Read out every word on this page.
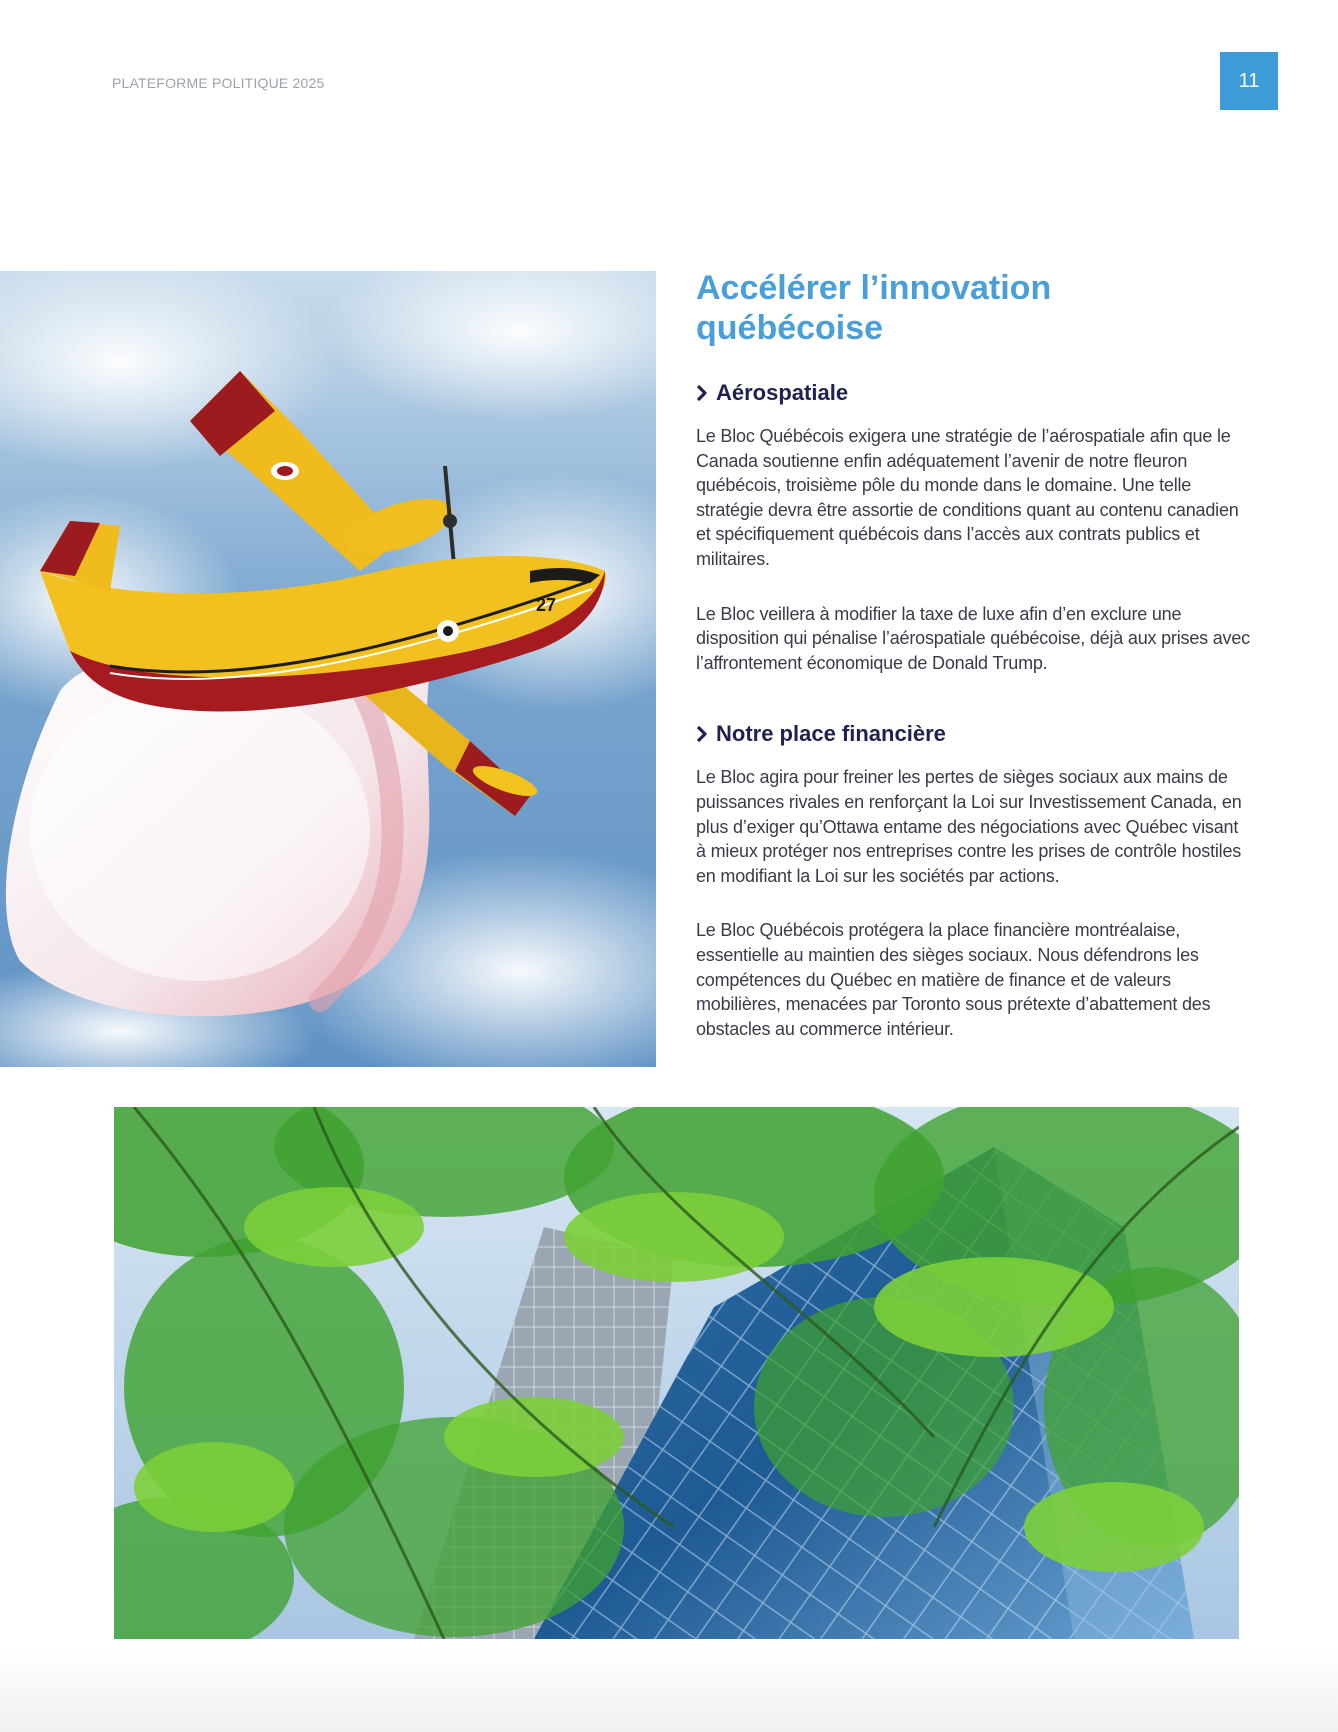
PLATEFORME POLITIQUE 2025	11
27
Accélérer l’innovation
québécoise
Aérospatiale

Le Bloc Québécois exigera une stratégie de l’aérospatiale afin que le Canada soutienne enfin adéquatement l’avenir de notre fleuron québécois, troisième pôle du monde dans le domaine. Une telle stratégie devra être assortie de conditions quant au contenu canadien et spécifiquement québécois dans l’accès aux contrats publics et militaires.

Le Bloc veillera à modifier la taxe de luxe afin d’en exclure une disposition qui pénalise l’aérospatiale québécoise, déjà aux prises avec l’affrontement économique de Donald Trump.

Notre place financière

Le Bloc agira pour freiner les pertes de sièges sociaux aux mains de puissances rivales en renforçant la Loi sur Investissement Canada, en plus d’exiger qu’Ottawa entame des négociations avec Québec visant à mieux protéger nos entreprises contre les prises de contrôle hostiles en modifiant la Loi sur les sociétés par actions.

Le Bloc Québécois protégera la place financière montréalaise, essentielle au maintien des sièges sociaux. Nous défendrons les compétences du Québec en matière de finance et de valeurs mobilières, menacées par Toronto sous prétexte d’abattement des obstacles au commerce intérieur.
